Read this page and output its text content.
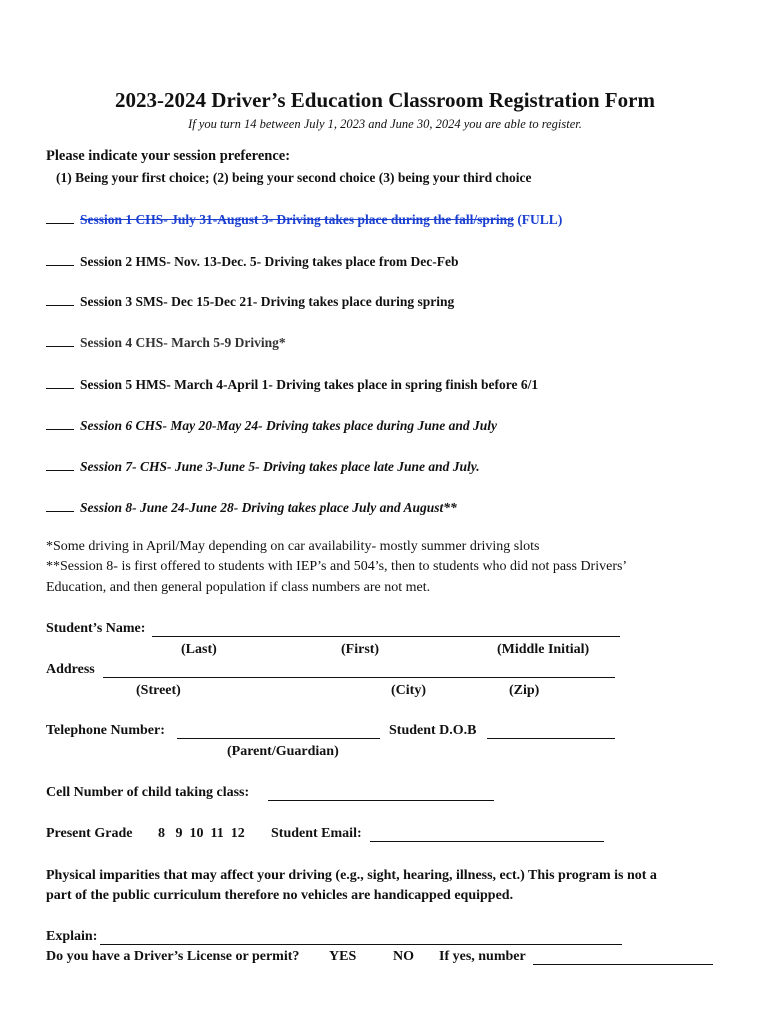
2023-2024 Driver’s Education Classroom Registration Form
If you turn 14 between July 1, 2023 and June 30, 2024 you are able to register.
Please indicate your session preference:
(1) Being your first choice; (2) being your second choice (3) being your third choice
Session 1 CHS- July 31-August 3- Driving takes place during the fall/spring (FULL)
Session 2 HMS- Nov. 13-Dec. 5- Driving takes place from Dec-Feb
Session 3 SMS- Dec 15-Dec 21- Driving takes place during spring
Session 4 CHS- March 5-9 Driving*
Session 5 HMS- March 4-April 1- Driving takes place in spring finish before 6/1
Session 6 CHS- May 20-May 24- Driving takes place during June and July
Session 7- CHS- June 3-June 5- Driving takes place late June and July.
Session 8- June 24-June 28- Driving takes place July and August**
*Some driving in April/May depending on car availability- mostly summer driving slots
**Session 8- is first offered to students with IEP’s and 504’s, then to students who did not pass Drivers’
Education, and then general population if class numbers are not met.
Student’s Name:
(Last)	(First)	(Middle Initial)
Address
(Street)	(City)	(Zip)
Telephone Number:	Student D.O.B
(Parent/Guardian)
Cell Number of child taking class:
Present Grade 8   9  10  11  12 Student Email:
Physical imparities that may affect your driving (e.g., sight, hearing, illness, ect.) This program is not a
part of the public curriculum therefore no vehicles are handicapped equipped.
Explain:
Do you have a Driver’s License or permit? YES	NO If yes, number
